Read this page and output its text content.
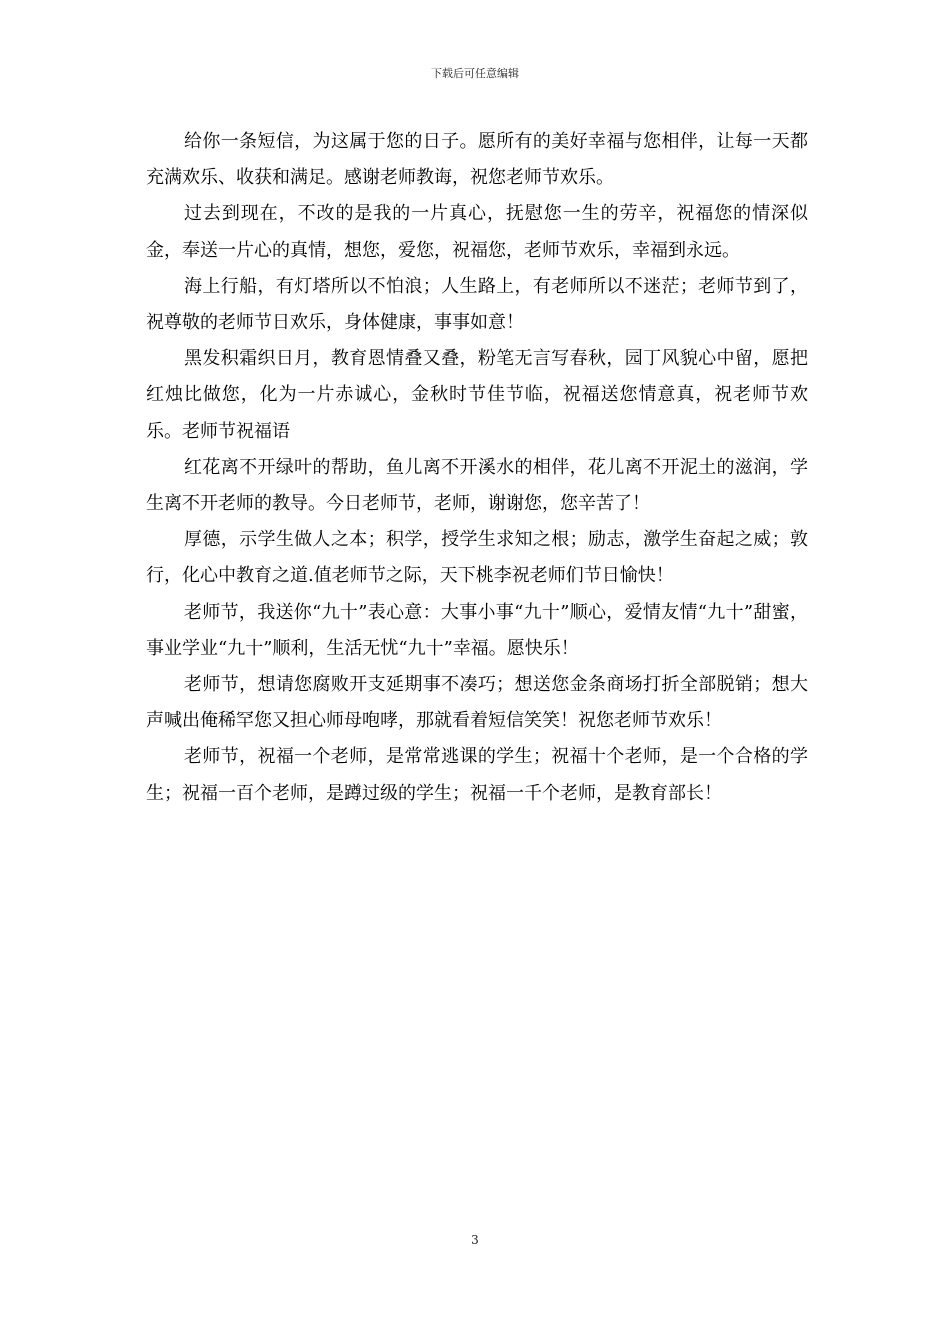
下载后可任意编辑

给你一条短信，为这属于您的日子。愿所有的美好幸福与您相伴，让每一天都充满欢乐、收获和满足。感谢老师教诲，祝您老师节欢乐。

过去到现在，不改的是我的一片真心，抚慰您一生的劳辛，祝福您的情深似金，奉送一片心的真情，想您，爱您，祝福您，老师节欢乐，幸福到永远。

海上行船，有灯塔所以不怕浪；人生路上，有老师所以不迷茫；老师节到了，祝尊敬的老师节日欢乐，身体健康，事事如意！

黑发积霜织日月，教育恩情叠又叠，粉笔无言写春秋，园丁风貌心中留，愿把红烛比做您，化为一片赤诚心，金秋时节佳节临，祝福送您情意真，祝老师节欢乐。老师节祝福语

红花离不开绿叶的帮助，鱼儿离不开溪水的相伴，花儿离不开泥土的滋润，学生离不开老师的教导。今日老师节，老师，谢谢您，您辛苦了！

厚德，示学生做人之本；积学，授学生求知之根；励志，激学生奋起之威；敦行，化心中教育之道.值老师节之际，天下桃李祝老师们节日愉快！

老师节，我送你“九十”表心意：大事小事“九十”顺心，爱情友情“九十”甜蜜，事业学业“九十”顺利，生活无忧“九十”幸福。愿快乐！

老师节，想请您腐败开支延期事不凑巧；想送您金条商场打折全部脱销；想大声喊出俺稀罕您又担心师母咆哮，那就看着短信笑笑！祝您老师节欢乐！

老师节，祝福一个老师，是常常逃课的学生；祝福十个老师，是一个合格的学生；祝福一百个老师，是蹲过级的学生；祝福一千个老师，是教育部长！

3
